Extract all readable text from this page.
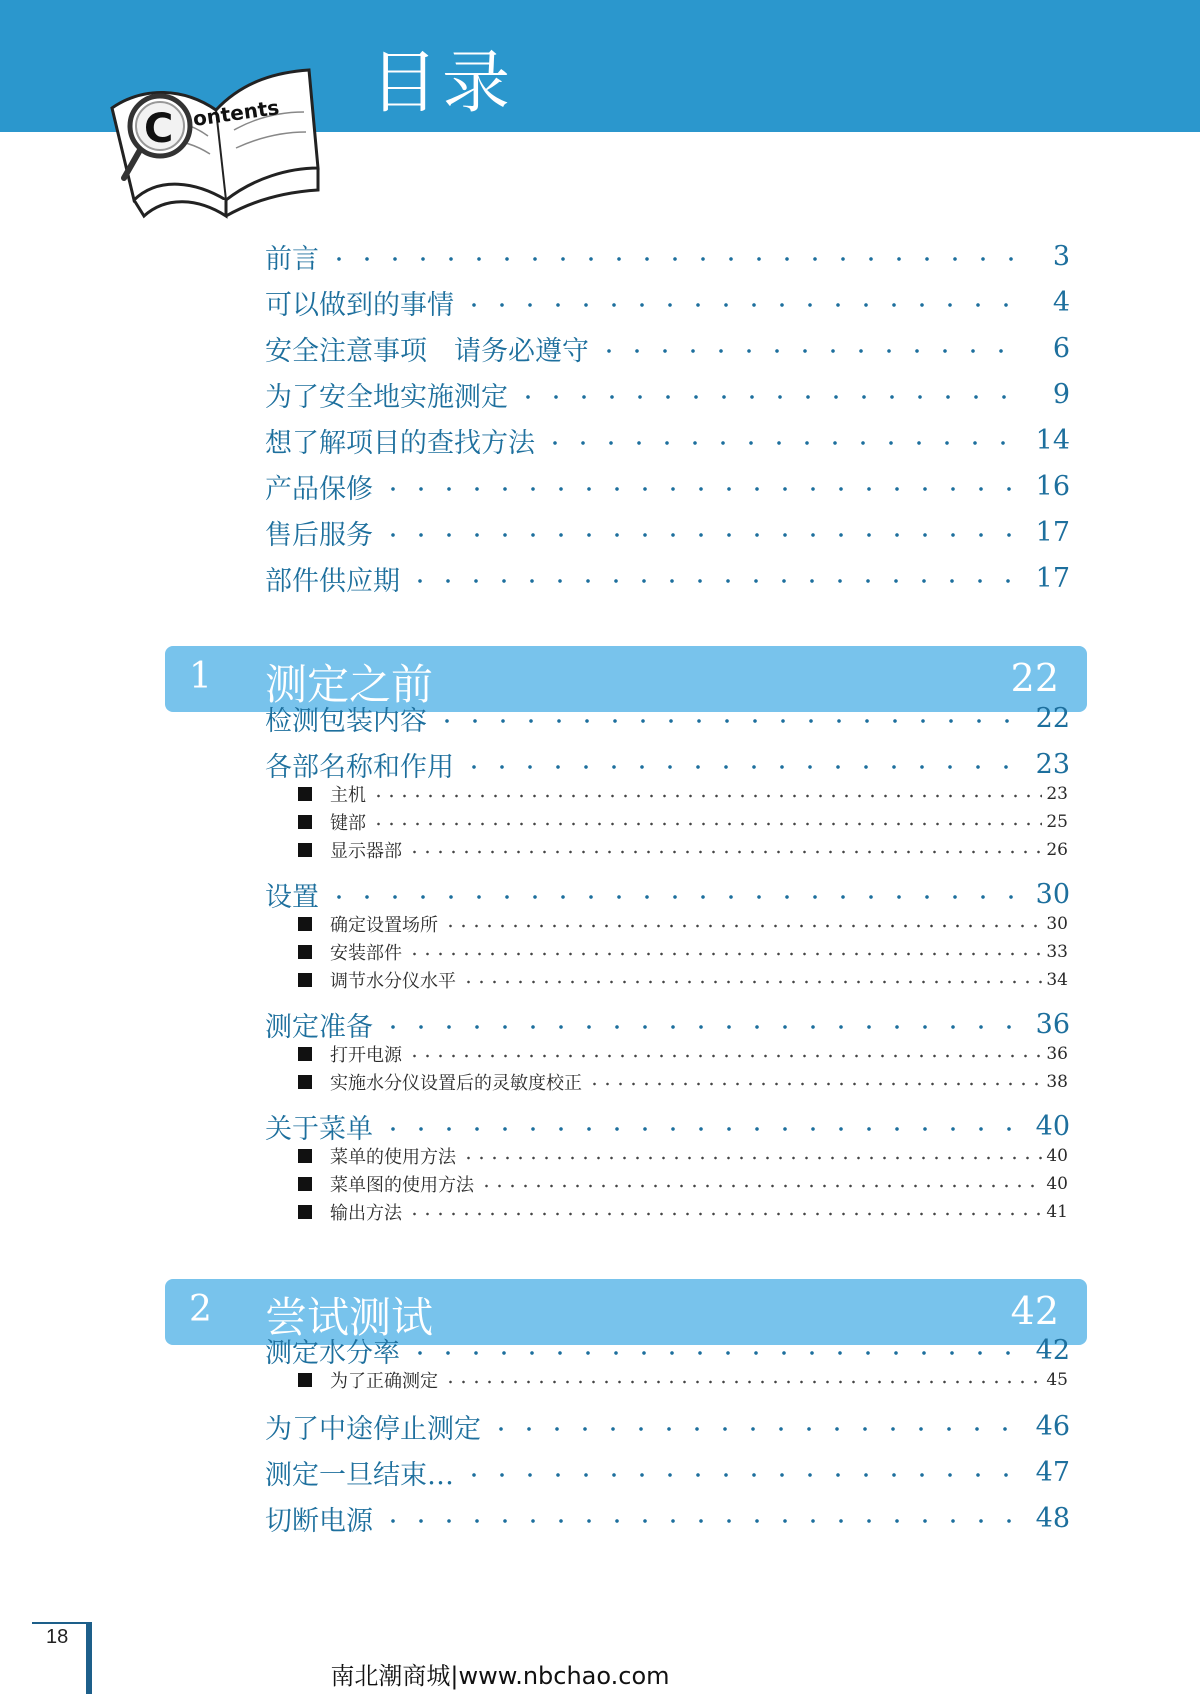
目录
C ontents
前言	3
可以做到的事情	4
安全注意事项　请务必遵守	6
为了安全地实施测定	9
想了解项目的查找方法	14
产品保修	16
售后服务	17
部件供应期	17
1 测定之前	22
检测包装内容	22
各部名称和作用	23
主机	23
键部	25
显示器部	26
设置	30
确定设置场所	30
安装部件	33
调节水分仪水平	34
测定准备	36
打开电源	36
实施水分仪设置后的灵敏度校正	38
关于菜单	40
菜单的使用方法	40
菜单图的使用方法	40
输出方法	41
2 尝试测试	42
测定水分率	42
为了正确测定	45
为了中途停止测定	46
测定一旦结束…	47
切断电源	48
18
南北潮商城|www.nbchao.com
